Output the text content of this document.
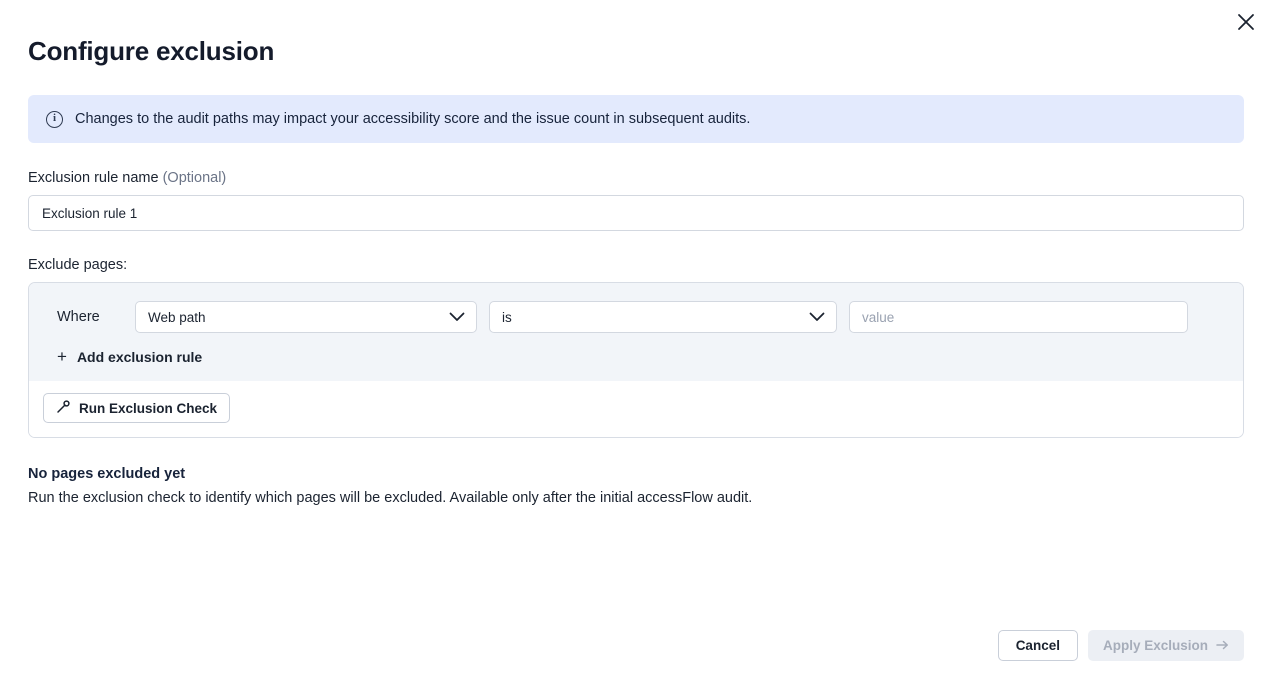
Configure exclusion
i	Changes to the audit paths may impact your accessibility score and the issue count in subsequent audits.
Exclusion rule name (Optional)
Exclusion rule 1
Exclude pages:
Where	Web path	is
value
+ Add exclusion rule
Run Exclusion Check
No pages excluded yet
Run the exclusion check to identify which pages will be excluded. Available only after the initial accessFlow audit.
Cancel	Apply Exclusion
